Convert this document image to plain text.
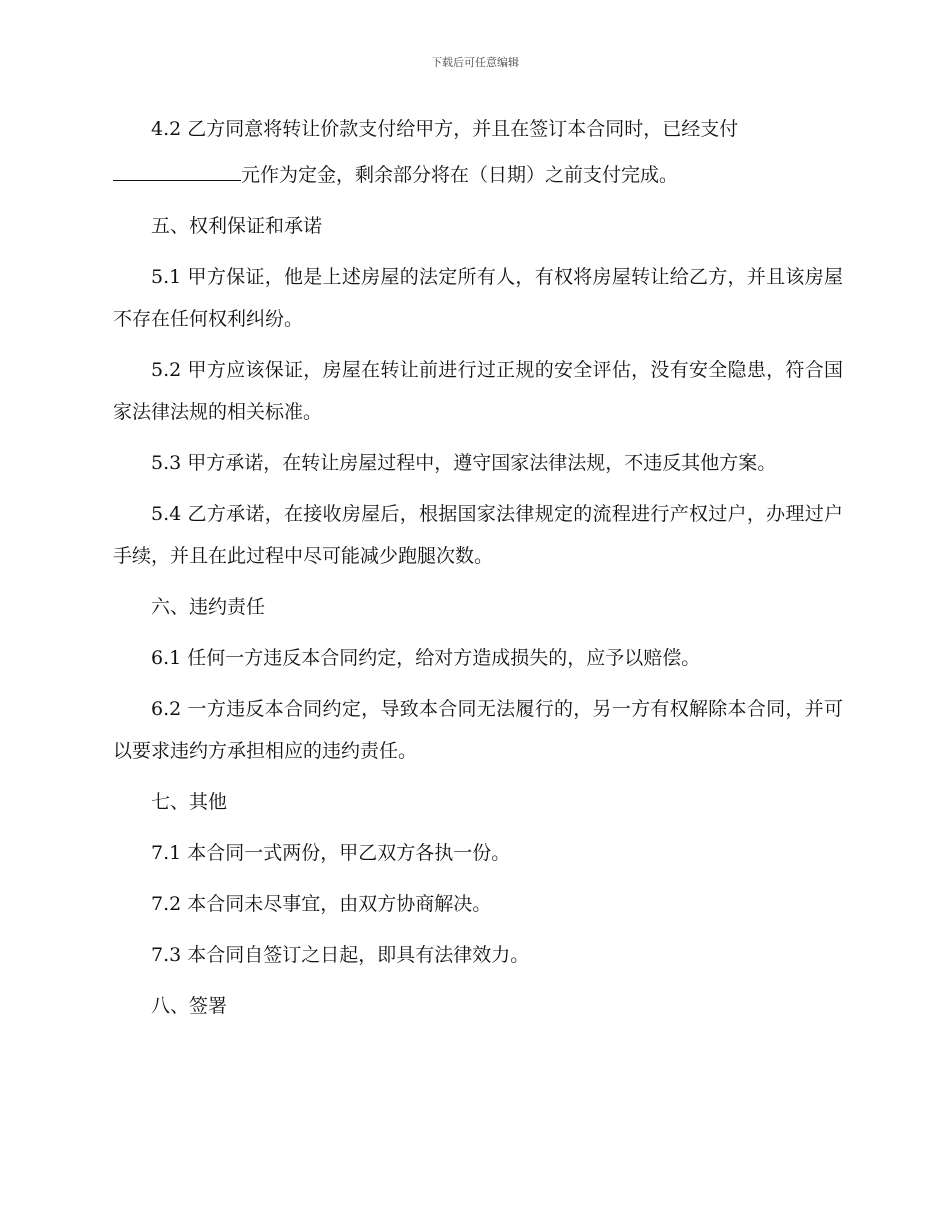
下载后可任意编辑

4.2 乙方同意将转让价款支付给甲方，并且在签订本合同时，已经支付
元作为定金，剩余部分将在（日期）之前支付完成。

五、权利保证和承诺

5.1 甲方保证，他是上述房屋的法定所有人，有权将房屋转让给乙方，并且该房屋不存在任何权利纠纷。

5.2 甲方应该保证，房屋在转让前进行过正规的安全评估，没有安全隐患，符合国家法律法规的相关标准。

5.3 甲方承诺，在转让房屋过程中，遵守国家法律法规，不违反其他方案。

5.4 乙方承诺，在接收房屋后，根据国家法律规定的流程进行产权过户，办理过户手续，并且在此过程中尽可能减少跑腿次数。

六、违约责任

6.1 任何一方违反本合同约定，给对方造成损失的，应予以赔偿。

6.2 一方违反本合同约定，导致本合同无法履行的，另一方有权解除本合同，并可以要求违约方承担相应的违约责任。

七、其他

7.1 本合同一式两份，甲乙双方各执一份。

7.2 本合同未尽事宜，由双方协商解决。

7.3 本合同自签订之日起，即具有法律效力。

八、签署
